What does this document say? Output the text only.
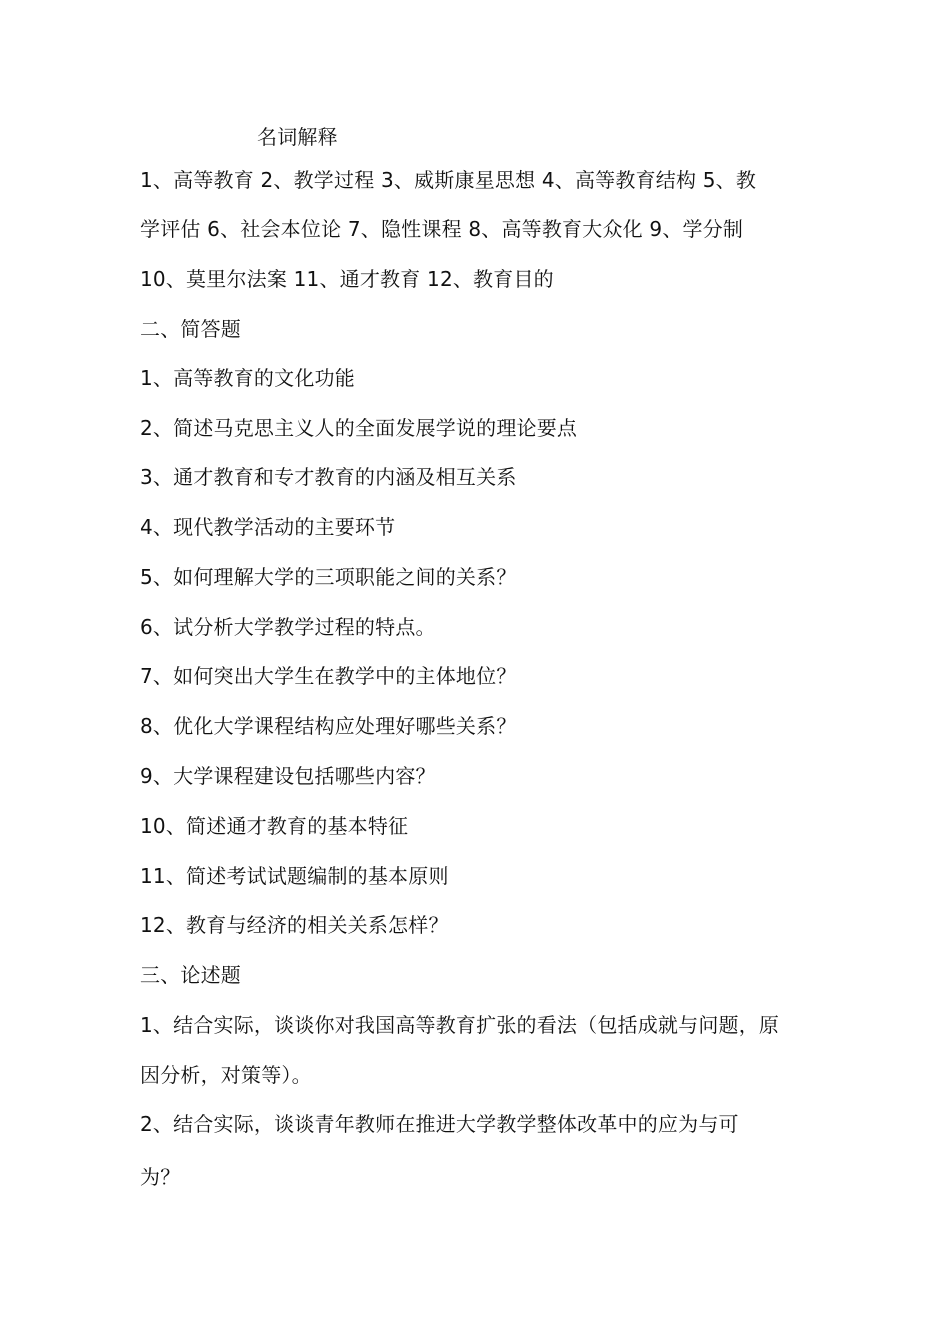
名词解释
1、高等教育 2、教学过程 3、威斯康星思想 4、高等教育结构 5、教
学评估 6、社会本位论 7、隐性课程 8、高等教育大众化 9、学分制
10、莫里尔法案 11、通才教育 12、教育目的
二、简答题
1、高等教育的文化功能
2、简述马克思主义人的全面发展学说的理论要点
3、通才教育和专才教育的内涵及相互关系
4、现代教学活动的主要环节
5、如何理解大学的三项职能之间的关系？
6、试分析大学教学过程的特点。
7、如何突出大学生在教学中的主体地位？
8、优化大学课程结构应处理好哪些关系？
9、大学课程建设包括哪些内容？
10、简述通才教育的基本特征
11、简述考试试题编制的基本原则
12、教育与经济的相关关系怎样？
三、论述题
1、结合实际，谈谈你对我国高等教育扩张的看法（包括成就与问题，原
因分析，对策等）。
2、结合实际，谈谈青年教师在推进大学教学整体改革中的应为与可
为？
